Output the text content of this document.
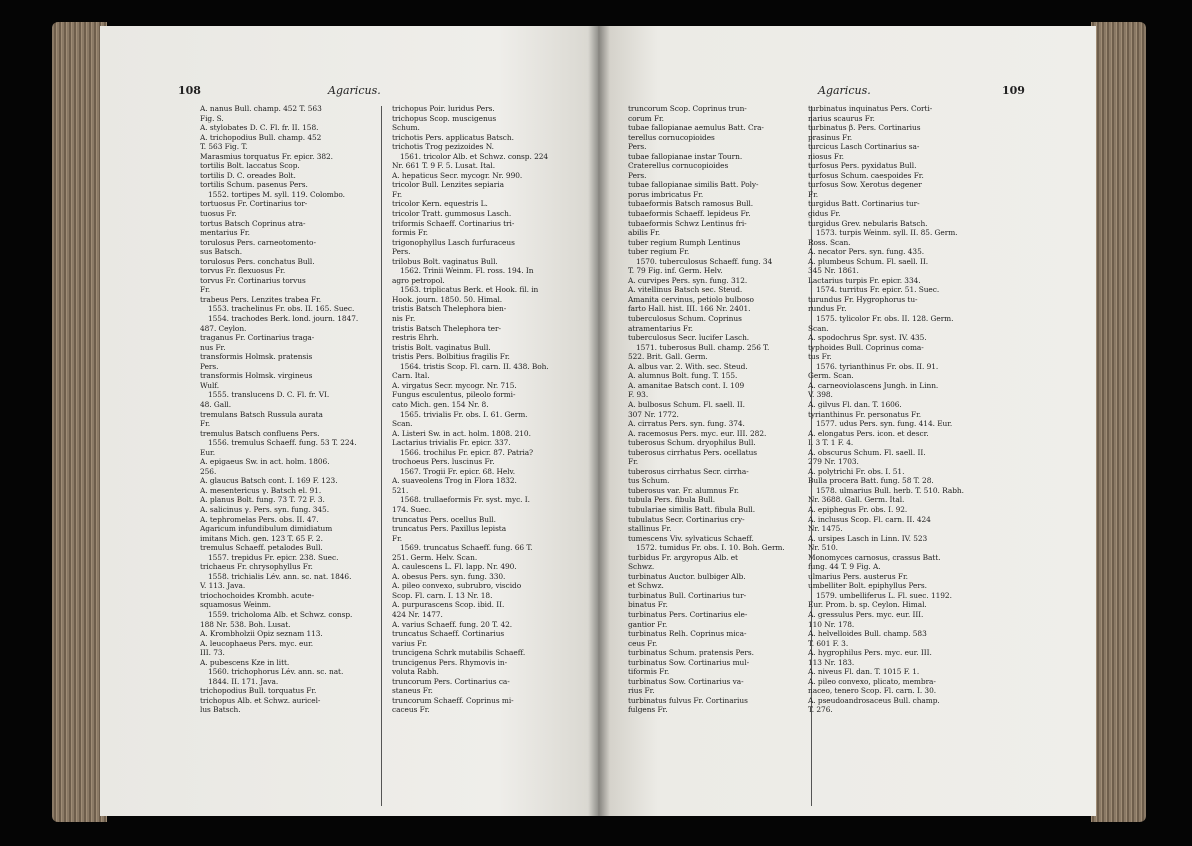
108	Agaricus.
A. nanus Bull. champ. 452 T. 563
Fig. S.
A. stylobates D. C. Fl. fr. II. 158.
A. trichopodius Bull. champ. 452
T. 563 Fig. T.
Marasmius torquatus Fr. epicr. 382.
tortilis Bolt. laccatus Scop.
tortilis D. C. oreades Bolt.
tortilis Schum. pasenus Pers.
1552. tortipes M. syll. 119. Colombo.
tortuosus Fr. Cortinarius tor-
tuosus Fr.
tortus Batsch Coprinus atra-
mentarius Fr.
torulosus Pers. carneotomento-
sus Batsch.
torulosus Pers. conchatus Bull.
torvus Fr. flexuosus Fr.
torvus Fr. Cortinarius torvus
Fr.
trabeus Pers. Lenzites trabea Fr.
1553. trachelinus Fr. obs. II. 165. Suec.
1554. trachodes Berk. lond. journ. 1847.
487. Ceylon.
traganus Fr. Cortinarius traga-
nus Fr.
transformis Holmsk. pratensis
Pers.
transformis Holmsk. virgineus
Wulf.
1555. translucens D. C. Fl. fr. VI.
48. Gall.
tremulans Batsch Russula aurata
Fr.
tremulus Batsch confluens Pers.
1556. tremulus Schaeff. fung. 53 T. 224.
Eur.
A. epigaeus Sw. in act. holm. 1806.
256.
A. glaucus Batsch cont. I. 169 F. 123.
A. mesentericus γ. Batsch el. 91.
A. planus Bolt. fung. 73 T. 72 F. 3.
A. salicinus γ. Pers. syn. fung. 345.
A. tephromelas Pers. obs. II. 47.
Agaricum infundibulum dimidiatum
imitans Mich. gen. 123 T. 65 F. 2.
tremulus Schaeff. petalodes Bull.
1557. trepidus Fr. epicr. 238. Suec.
trichaeus Fr. chrysophyllus Fr.
1558. trichialis Lév. ann. sc. nat. 1846.
V. 113. Java.
triochochoides Krombh. acute-
squamosus Weinm.
1559. tricholoma Alb. et Schwz. consp.
188 Nr. 538. Boh. Lusat.
A. Krombholzii Opiz seznam 113.
A. leucophaeus Pers. myc. eur.
III. 73.
A. pubescens Kze in litt.
1560. trichophorus Lév. ann. sc. nat.
1844. II. 171. Java.
trichopodius Bull. torquatus Fr.
trichopus Alb. et Schwz. auricel-
lus Batsch.
trichopus Poir. luridus Pers.
trichopus Scop. muscigenus
Schum.
trichotis Pers. applicatus Batsch.
trichotis Trog pezizoides N.
1561. tricolor Alb. et Schwz. consp. 224
Nr. 661 T. 9 F. 5. Lusat. Ital.
A. hepaticus Secr. mycogr. Nr. 990.
tricolor Bull. Lenzites sepiaria
Fr.
tricolor Kern. equestris L.
tricolor Tratt. gummosus Lasch.
triformis Schaeff. Cortinarius tri-
formis Fr.
trigonophyllus Lasch furfuraceus
Pers.
trilobus Bolt. vaginatus Bull.
1562. Trinii Weinm. Fl. ross. 194. In
agro petropol.
1563. triplicatus Berk. et Hook. fil. in
Hook. journ. 1850. 50. Himal.
tristis Batsch Thelephora bien-
nis Fr.
tristis Batsch Thelephora ter-
restris Ehrh.
tristis Bolt. vaginatus Bull.
tristis Pers. Bolbitius fragilis Fr.
1564. tristis Scop. Fl. carn. II. 438. Boh.
Carn. Ital.
A. virgatus Secr. mycogr. Nr. 715.
Fungus esculentus, pileolo formi-
cato Mich. gen. 154 Nr. 8.
1565. trivialis Fr. obs. I. 61. Germ.
Scan.
A. Listeri Sw. in act. holm. 1808. 210.
Lactarius trivialis Fr. epicr. 337.
1566. trochilus Fr. epicr. 87. Patria?
trochoeus Pers. luscinus Fr.
1567. Trogii Fr. epicr. 68. Helv.
A. suaveolens Trog in Flora 1832.
521.
1568. trullaeformis Fr. syst. myc. I.
174. Suec.
truncatus Pers. ocellus Bull.
truncatus Pers. Paxillus lepista
Fr.
1569. truncatus Schaeff. fung. 66 T.
251. Germ. Helv. Scan.
A. caulescens L. Fl. lapp. Nr. 490.
A. obesus Pers. syn. fung. 330.
A. pileo convexo, subrubro, viscido
Scop. Fl. carn. I. 13 Nr. 18.
A. purpurascens Scop. ibid. II.
424 Nr. 1477.
A. varius Schaeff. fung. 20 T. 42.
truncatus Schaeff. Cortinarius
varius Fr.
truncigena Schrk mutabilis Schaeff.
truncigenus Pers. Rhymovis in-
voluta Rabh.
truncorum Pers. Cortinarius ca-
staneus Fr.
truncorum Schaeff. Coprinus mi-
caceus Fr.
Agaricus.	109
truncorum Scop. Coprinus trun-
corum Fr.
tubae fallopianae aemulus Batt. Cra-
terellus cornucopioides
Pers.
tubae fallopianae instar Tourn.
Craterellus cornucopioides
Pers.
tubae fallopianae similis Batt. Poly-
porus imbricatus Fr.
tubaeformis Batsch ramosus Bull.
tubaeformis Schaeff. lepideus Fr.
tubaeformis Schwz Lentinus fri-
abilis Fr.
tuber regium Rumph Lentinus
tuber regium Fr.
1570. tuberculosus Schaeff. fung. 34
T. 79 Fig. inf. Germ. Helv.
A. curvipes Pers. syn. fung. 312.
A. vitellinus Batsch sec. Steud.
Amanita cervinus, petiolo bulboso
farto Hall. hist. III. 166 Nr. 2401.
tuberculosus Schum. Coprinus
atramentarius Fr.
tuberculosus Secr. lucifer Lasch.
1571. tuberosus Bull. champ. 256 T.
522. Brit. Gall. Germ.
A. albus var. 2. With. sec. Steud.
A. alumnus Bolt. fung. T. 155.
A. amanitae Batsch cont. I. 109
F. 93.
A. bulbosus Schum. Fl. saell. II.
307 Nr. 1772.
A. cirratus Pers. syn. fung. 374.
A. racemosus Pers. myc. eur. III. 282.
tuberosus Schum. dryophilus Bull.
tuberosus cirrhatus Pers. ocellatus
Fr.
tuberosus cirrhatus Secr. cirrha-
tus Schum.
tuberosus var. Fr. alumnus Fr.
tubula Pers. fibula Bull.
tubulariae similis Batt. fibula Bull.
tubulatus Secr. Cortinarius cry-
stallinus Fr.
tumescens Viv. sylvaticus Schaeff.
1572. tumidus Fr. obs. I. 10. Boh. Germ.
turbidus Fr. argyropus Alb. et
Schwz.
turbinatus Auctor. bulbiger Alb.
et Schwz.
turbinatus Bull. Cortinarius tur-
binatus Fr.
turbinatus Pers. Cortinarius ele-
gantior Fr.
turbinatus Relh. Coprinus mica-
ceus Fr.
turbinatus Schum. pratensis Pers.
turbinatus Sow. Cortinarius mul-
tiformis Fr.
turbinatus Sow. Cortinarius va-
rius Fr.
turbinatus fulvus Fr. Cortinarius
fulgens Fr.
turbinatus inquinatus Pers. Corti-
narius scaurus Fr.
turbinatus β. Pers. Cortinarius
prasinus Fr.
turcicus Lasch Cortinarius sa-
niosus Fr.
turfosus Pers. pyxidatus Bull.
turfosus Schum. caespoides Fr.
turfosus Sow. Xerotus degener
Fr.
turgidus Batt. Cortinarius tur-
gidus Fr.
turgidus Grev. nebularis Batsch.
1573. turpis Weinm. syll. II. 85. Germ.
Ross. Scan.
A. necator Pers. syn. fung. 435.
A. plumbeus Schum. Fl. saell. II.
345 Nr. 1861.
Lactarius turpis Fr. epicr. 334.
1574. turritus Fr. epicr. 51. Suec.
turundus Fr. Hygrophorus tu-
rundus Fr.
1575. tylicolor Fr. obs. II. 128. Germ.
Scan.
A. spodochrus Spr. syst. IV. 435.
typhoides Bull. Coprinus coma-
tus Fr.
1576. tyrianthinus Fr. obs. II. 91.
Germ. Scan.
A. carneoviolascens Jungh. in Linn.
V. 398.
A. gilvus Fl. dan. T. 1606.
tyrianthinus Fr. personatus Fr.
1577. udus Pers. syn. fung. 414. Eur.
A. elongatus Pers. icon. et descr.
I. 3 T. 1 F. 4.
A. obscurus Schum. Fl. saell. II.
279 Nr. 1703.
A. polytrichi Fr. obs. I. 51.
Bulla procera Batt. fung. 58 T. 28.
1578. ulmarius Bull. herb. T. 510. Rabh.
Nr. 3688. Gall. Germ. Ital.
A. epiphegus Fr. obs. I. 92.
A. inclusus Scop. Fl. carn. II. 424
Nr. 1475.
A. ursipes Lasch in Linn. IV. 523
Nr. 510.
Monomyces carnosus, crassus Batt.
fung. 44 T. 9 Fig. A.
ulmarius Pers. austerus Fr.
umbelliter Bolt. epiphyllus Pers.
1579. umbelliferus L. Fl. suec. 1192.
Eur. Prom. b. sp. Ceylon. Himal.
A. gressulus Pers. myc. eur. III.
110 Nr. 178.
A. helvelloides Bull. champ. 583
T. 601 F. 3.
A. hygrophilus Pers. myc. eur. III.
113 Nr. 183.
A. niveus Fl. dan. T. 1015 F. 1.
A. pileo convexo, plicato, membra-
naceo, tenero Scop. Fl. carn. I. 30.
A. pseudoandrosaceus Bull. champ.
T. 276.
